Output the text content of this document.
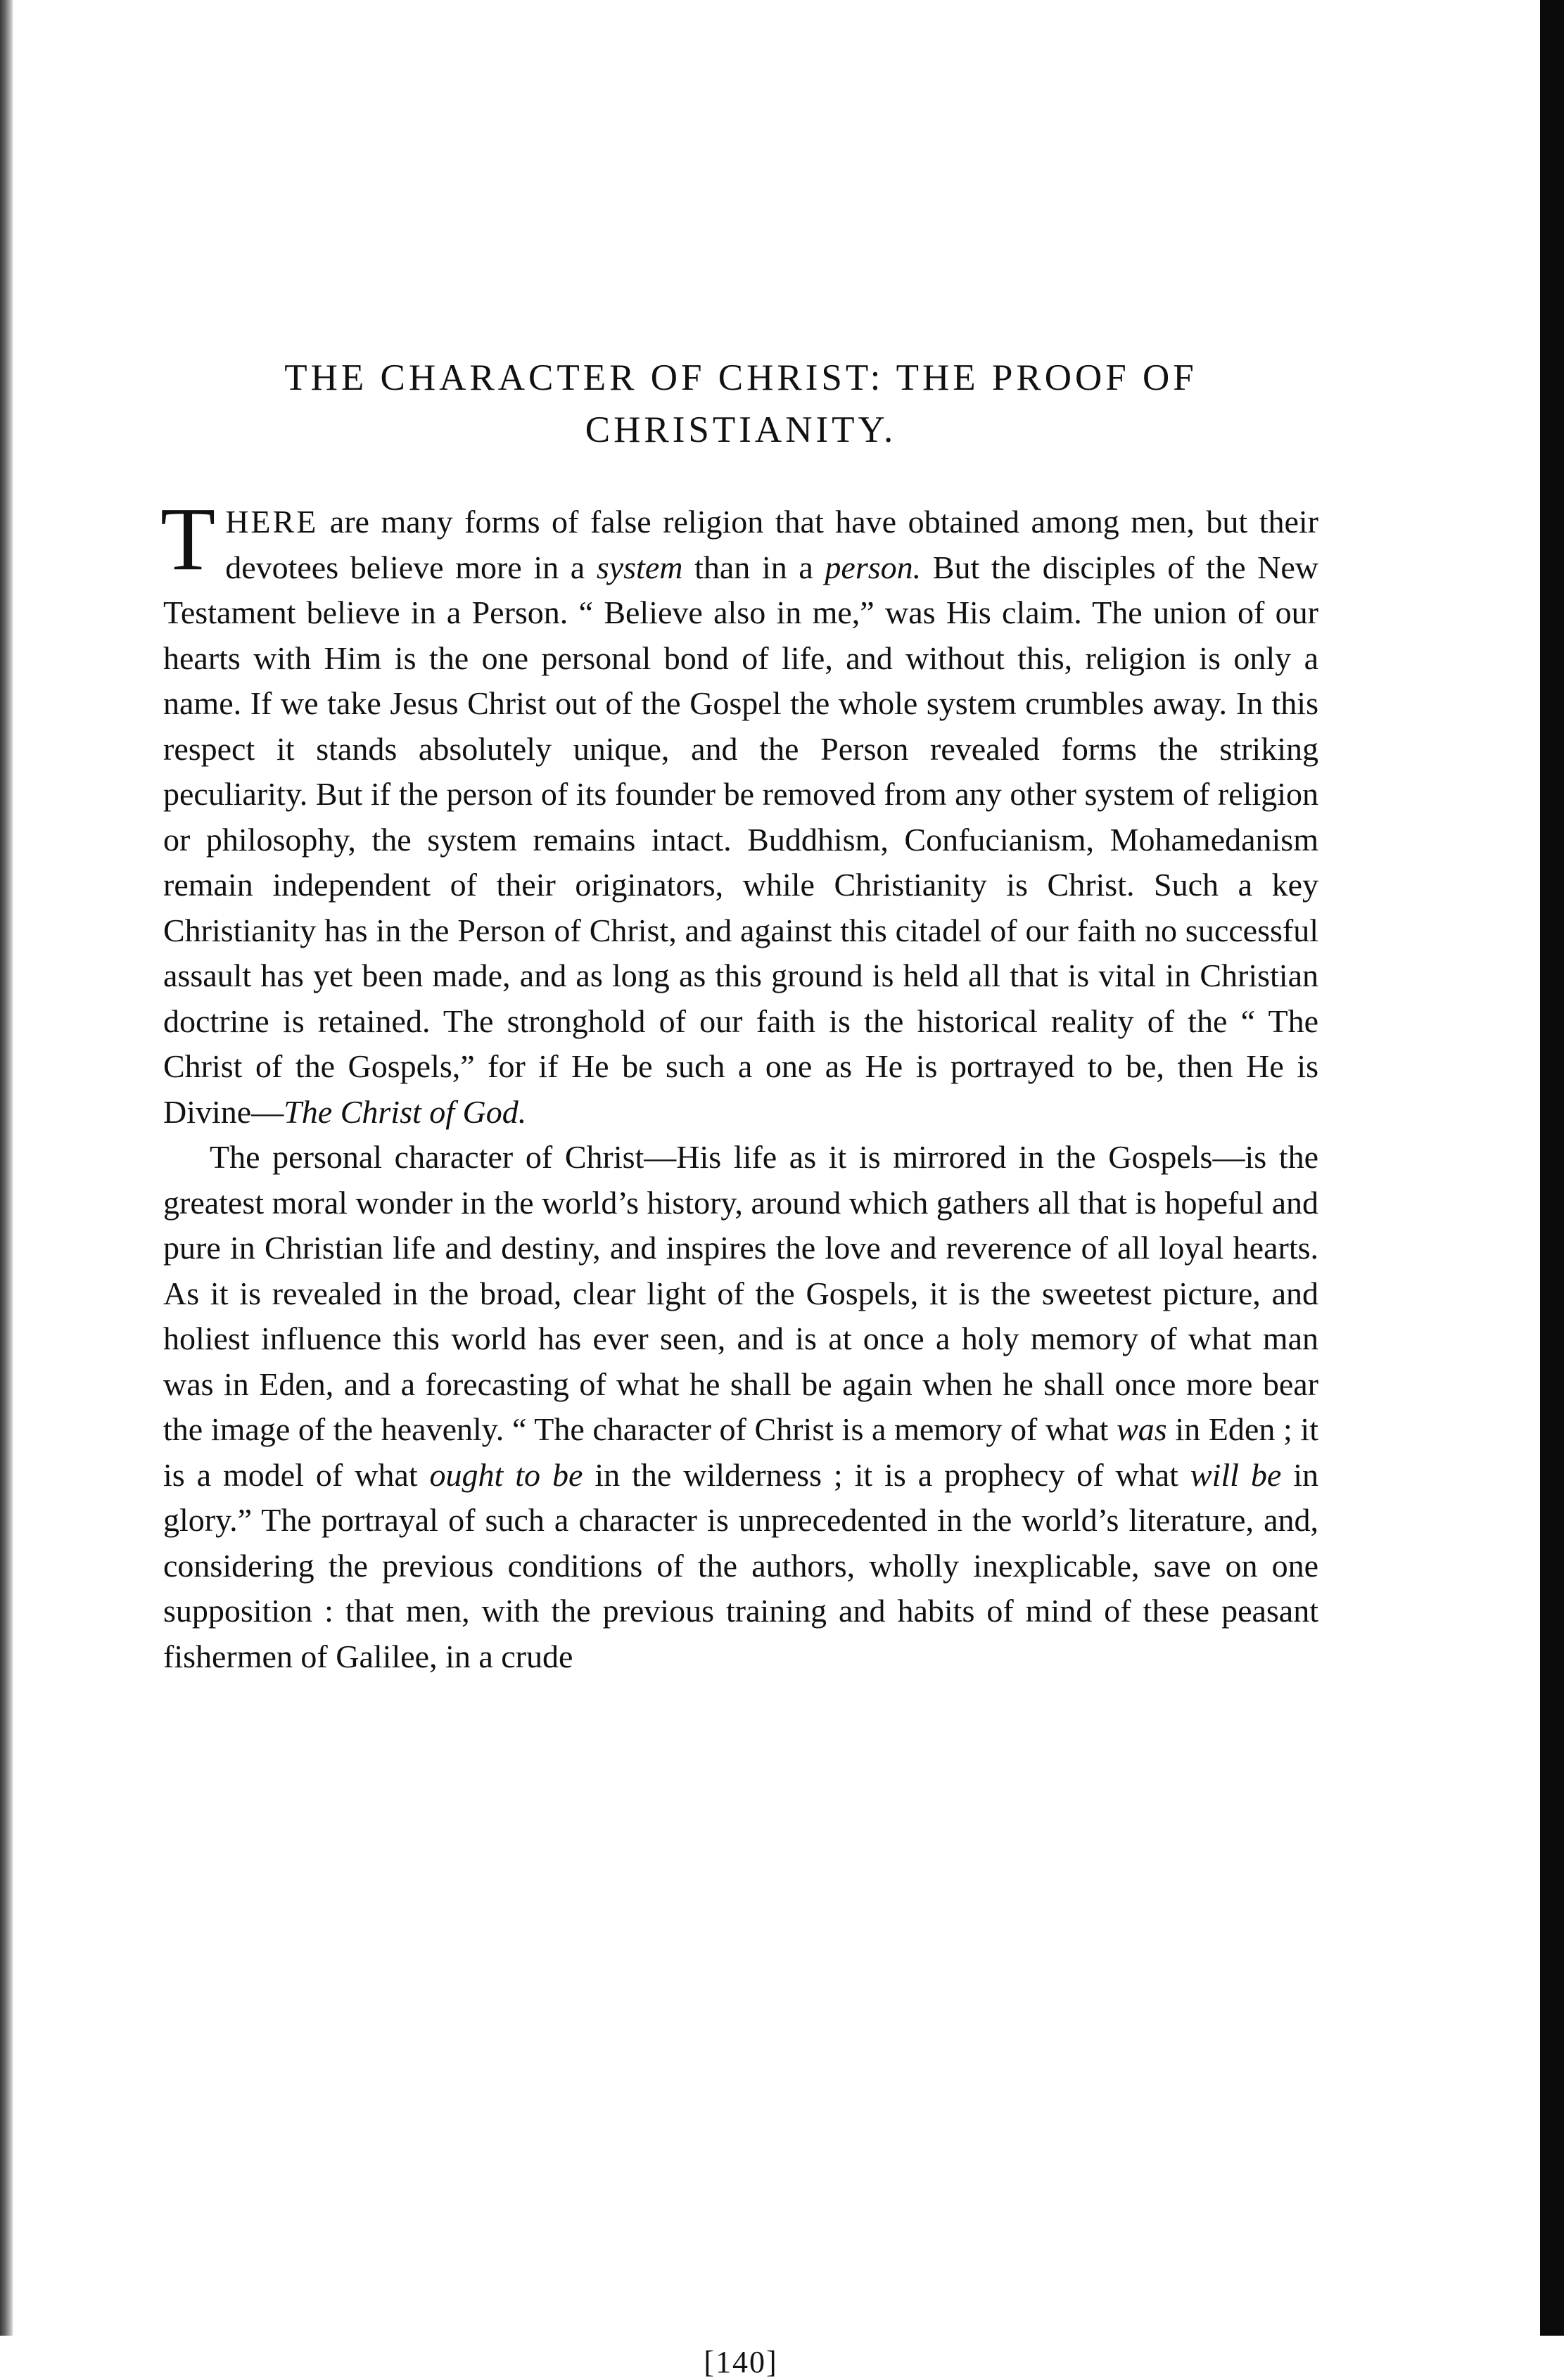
THE CHARACTER OF CHRIST: THE PROOF OF
CHRISTIANITY.

THERE are many forms of false religion that have obtained among men, but their devotees believe more in a system than in a person. But the disciples of the New Testament believe in a Person. “ Believe also in me,” was His claim. The union of our hearts with Him is the one personal bond of life, and without this, religion is only a name. If we take Jesus Christ out of the Gospel the whole system crumbles away. In this respect it stands absolutely unique, and the Person revealed forms the striking peculiarity. But if the person of its founder be removed from any other system of religion or philosophy, the system remains intact. Buddhism, Confucianism, Mohamedanism remain independent of their originators, while Christianity is Christ. Such a key Christianity has in the Person of Christ, and against this citadel of our faith no successful assault has yet been made, and as long as this ground is held all that is vital in Christian doctrine is retained. The stronghold of our faith is the historical reality of the “ The Christ of the Gospels,” for if He be such a one as He is portrayed to be, then He is Divine—The Christ of God.

The personal character of Christ—His life as it is mirrored in the Gospels—is the greatest moral wonder in the world’s history, around which gathers all that is hopeful and pure in Christian life and destiny, and inspires the love and reverence of all loyal hearts. As it is revealed in the broad, clear light of the Gospels, it is the sweetest picture, and holiest influence this world has ever seen, and is at once a holy memory of what man was in Eden, and a forecasting of what he shall be again when he shall once more bear the image of the heavenly. “ The character of Christ is a memory of what was in Eden ; it is a model of what ought to be in the wilderness ; it is a prophecy of what will be in glory.” The portrayal of such a character is unprecedented in the world’s literature, and, considering the previous conditions of the authors, wholly inexplicable, save on one supposition : that men, with the previous training and habits of mind of these peasant fishermen of Galilee, in a crude

[140]
